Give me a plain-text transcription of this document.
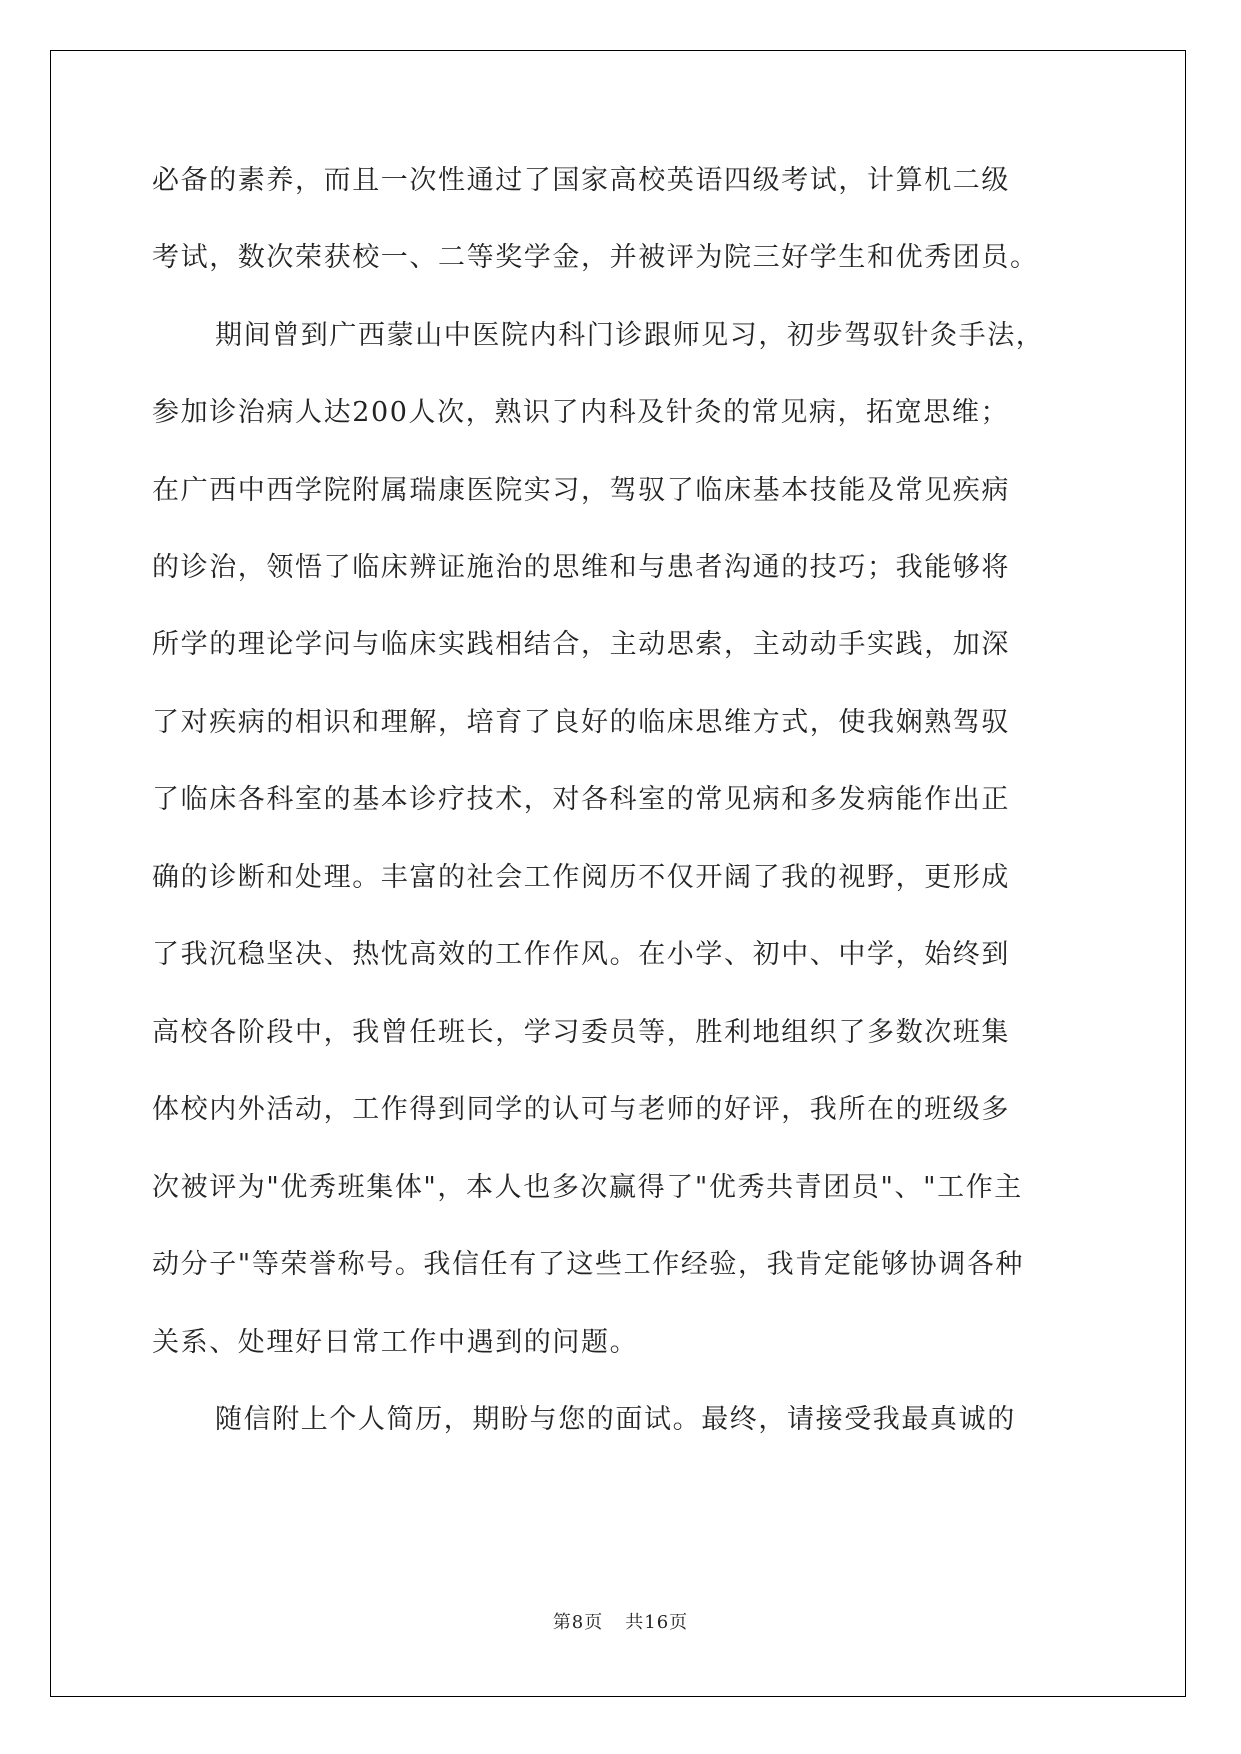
必备的素养，而且一次性通过了国家高校英语四级考试，计算机二级
考试，数次荣获校一、二等奖学金，并被评为院三好学生和优秀团员。
期间曾到广西蒙山中医院内科门诊跟师见习，初步驾驭针灸手法，
参加诊治病人达200人次，熟识了内科及针灸的常见病，拓宽思维；
在广西中西学院附属瑞康医院实习，驾驭了临床基本技能及常见疾病
的诊治，领悟了临床辨证施治的思维和与患者沟通的技巧；我能够将
所学的理论学问与临床实践相结合，主动思索，主动动手实践，加深
了对疾病的相识和理解，培育了良好的临床思维方式，使我娴熟驾驭
了临床各科室的基本诊疗技术，对各科室的常见病和多发病能作出正
确的诊断和处理。丰富的社会工作阅历不仅开阔了我的视野，更形成
了我沉稳坚决、热忱高效的工作作风。在小学、初中、中学，始终到
高校各阶段中，我曾任班长，学习委员等，胜利地组织了多数次班集
体校内外活动，工作得到同学的认可与老师的好评，我所在的班级多
次被评为"优秀班集体"，本人也多次赢得了"优秀共青团员"、"工作主
动分子"等荣誉称号。我信任有了这些工作经验，我肯定能够协调各种
关系、处理好日常工作中遇到的问题。
随信附上个人简历，期盼与您的面试。最终，请接受我最真诚的
第8页 共16页
